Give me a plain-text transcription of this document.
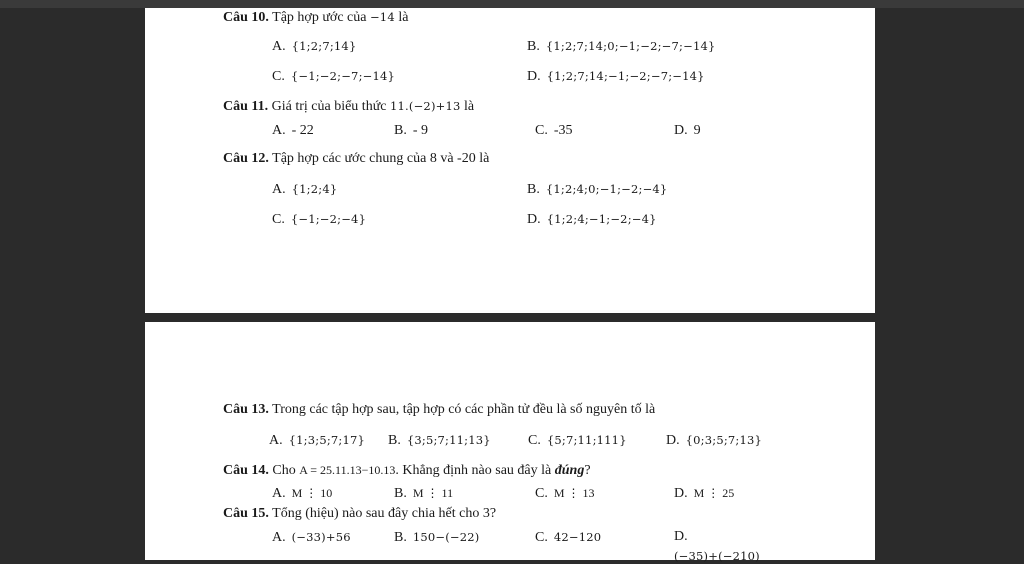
Câu 10. Tập hợp ước của −14 là
A. {1;2;7;14}	B. {1;2;7;14;0;−1;−2;−7;−14}
C. {−1;−2;−7;−14}	D. {1;2;7;14;−1;−2;−7;−14}
Câu 11. Giá trị của biểu thức 11.(−2)+13 là
A. - 22	B. - 9	C. -35	D. 9
Câu 12. Tập hợp các ước chung của 8 và -20 là
A. {1;2;4}	B. {1;2;4;0;−1;−2;−4}
C. {−1;−2;−4}	D. {1;2;4;−1;−2;−4}
Câu 13. Trong các tập hợp sau, tập hợp có các phần tử đều là số nguyên tố là
A. {1;3;5;7;17} B. {3;5;7;11;13}	C. {5;7;11;111}	D. {0;3;5;7;13}
Câu 14. Cho A = 25.11.13−10.13. Khẳng định nào sau đây là đúng?
A. M ⋮ 10	B. M ⋮ 11	C. M ⋮ 13	D. M ⋮ 25
Câu 15. Tổng (hiệu) nào sau đây chia hết cho 3?
A. (−33)+56	B. 150−(−22)	C. 42−120	D.
(−35)+(−210)
